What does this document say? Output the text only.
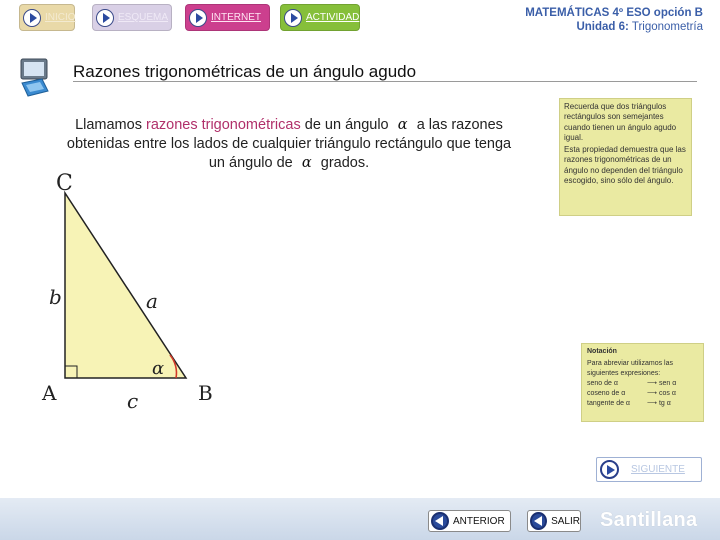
INICIO	ESQUEMA	INTERNET	ACTIVIDAD	MATEMÁTICAS 4º ESO opción B
Unidad 6: Trigonometría
Razones trigonométricas de un ángulo agudo
Llamamos razones trigonométricas de un ángulo α a las razones obtenidas entre los lados de cualquier triángulo rectángulo que tenga un ángulo de α grados.
C
A	B
b	a
c
α

Recuerda que dos triángulos rectángulos son semejantes cuando tienen un ángulo agudo igual.

Esta propiedad demuestra que las razones trigonométricas de un ángulo no dependen del triángulo escogido, sino sólo del ángulo.

Notación
Para abreviar utilizamos las siguientes expresiones:
seno de α	⟶ sen α
coseno de α	⟶ cos α
tangente de α	⟶ tg α
SIGUIENTE
ANTERIOR	SALIR Santillana
